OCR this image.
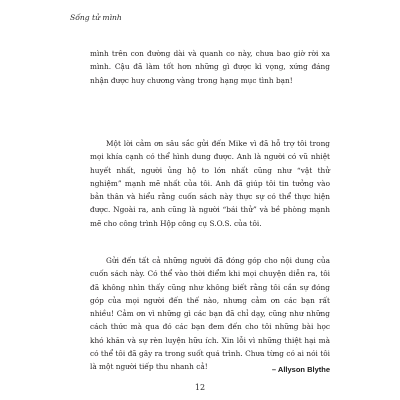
Sống tử mình

mình trên con đường dài và quanh co này, chưa bao giờ rời xa mình. Cậu đã làm tốt hơn những gì được kì vọng, xứng đáng nhận được huy chương vàng trong hạng mục tình bạn!

Một lời cảm ơn sâu sắc gửi đến Mike vì đã hỗ trợ tôi trong mọi khía cạnh có thể hình dung được. Anh là người có vũ nhiệt huyết nhất, người ủng hộ to lớn nhất cũng như “vật thử nghiệm” mạnh mẽ nhất của tôi. Anh đã giúp tôi tin tưởng vào bản thân và hiểu rằng cuốn sách này thực sự có thể thực hiện được. Ngoài ra, anh cũng là người “bái thử” và bề phòng mạnh mẽ cho công trình Hộp công cụ S.O.S. của tôi.

Gửi đến tất cả những người đã đóng góp cho nội dung của cuốn sách này. Có thể vào thời điểm khi mọi chuyện diễn ra, tôi đã không nhìn thấy cũng như không biết rằng tôi cần sự đóng góp của mọi người đến thế nào, nhưng cảm ơn các bạn rất nhiều! Cảm ơn vì những gì các bạn đã chỉ dạy, cũng như những cách thức mà qua đó các bạn đem đến cho tôi những bài học khó khăn và sự rèn luyện hữu ích. Xin lỗi vì những thiệt hại mà có thể tôi đã gây ra trong suốt quá trình. Chưa từng có ai nói tôi là một người tiếp thu nhanh cả!	– Allyson Blythe
12
